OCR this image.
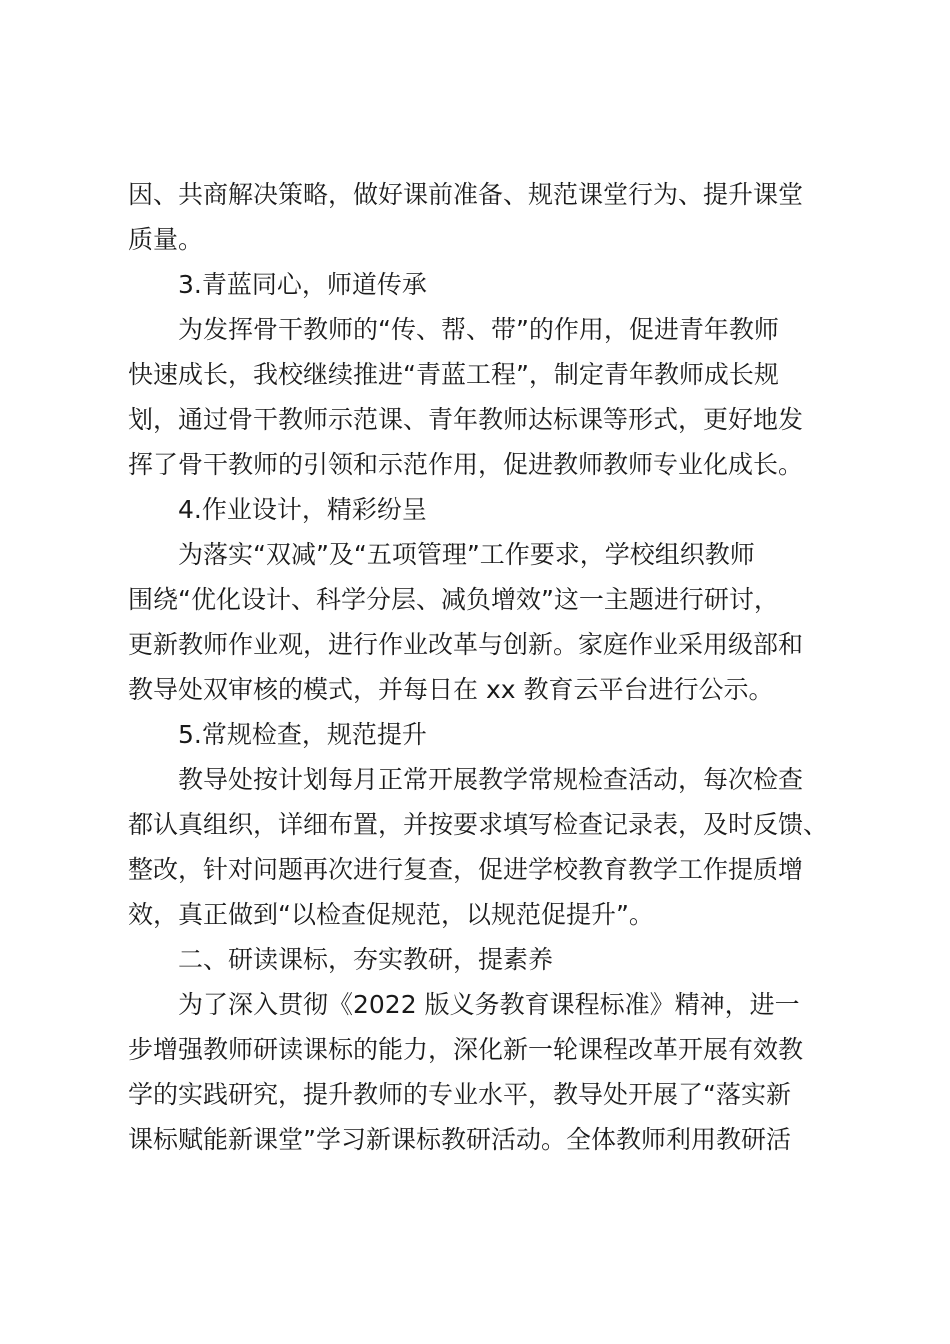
因、共商解决策略，做好课前准备、规范课堂行为、提升课堂

质量。

3.青蓝同心，师道传承

为发挥骨干教师的“传、帮、带”的作用，促进青年教师

快速成长，我校继续推进“青蓝工程”，制定青年教师成长规

划，通过骨干教师示范课、青年教师达标课等形式，更好地发

挥了骨干教师的引领和示范作用，促进教师教师专业化成长。

4.作业设计，精彩纷呈

为落实“双减”及“五项管理”工作要求，学校组织教师

围绕“优化设计、科学分层、减负增效”这一主题进行研讨，

更新教师作业观，进行作业改革与创新。家庭作业采用级部和

教导处双审核的模式，并每日在 xx 教育云平台进行公示。

5.常规检查，规范提升

教导处按计划每月正常开展教学常规检查活动，每次检查

都认真组织，详细布置，并按要求填写检查记录表，及时反馈、

整改，针对问题再次进行复查，促进学校教育教学工作提质增

效，真正做到“以检查促规范，以规范促提升”。

二、研读课标，夯实教研，提素养

为了深入贯彻《2022 版义务教育课程标准》精神，进一

步增强教师研读课标的能力，深化新一轮课程改革开展有效教

学的实践研究，提升教师的专业水平，教导处开展了“落实新

课标赋能新课堂”学习新课标教研活动。全体教师利用教研活
